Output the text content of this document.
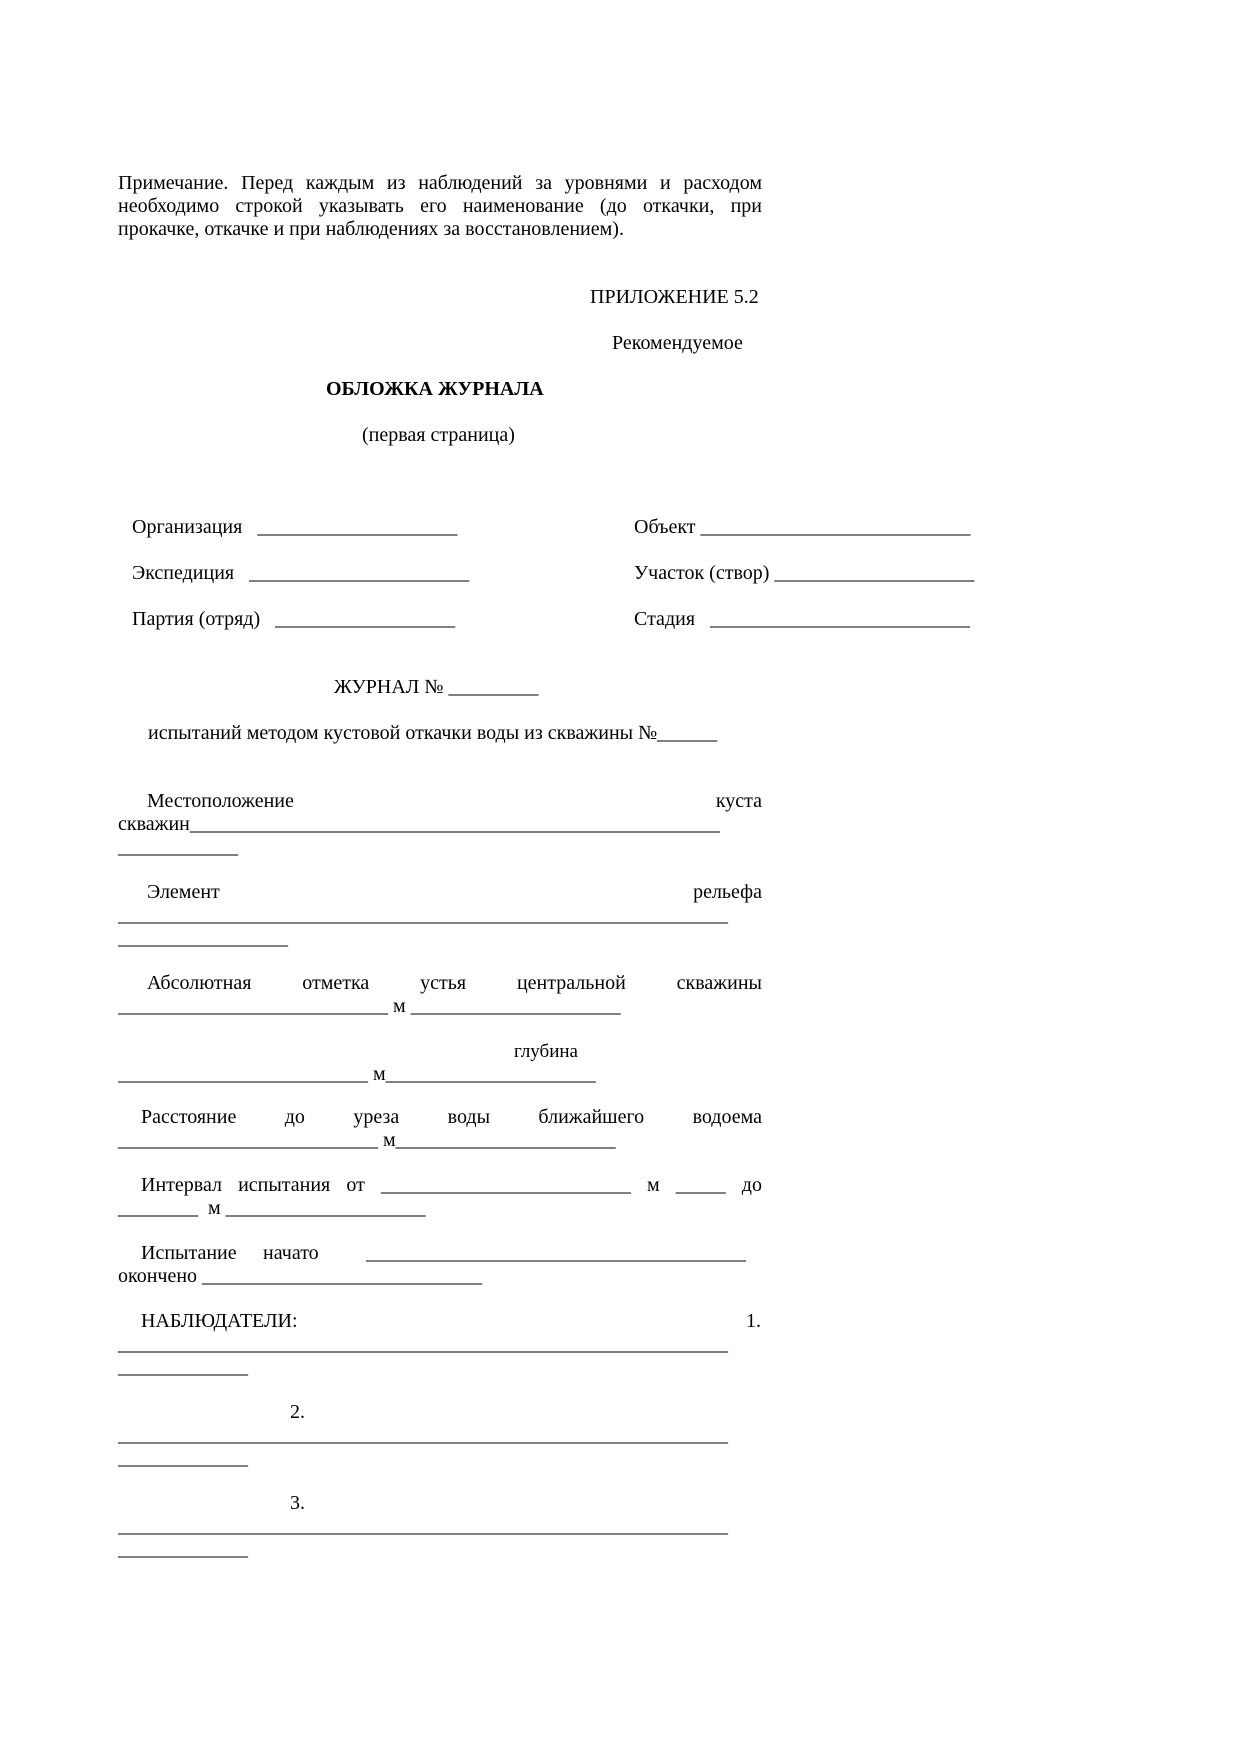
Примечание. Перед каждым из наблюдений за уровнями и расходом
необходимо строкой указывать его наименование (до откачки, при
прокачке, откачке и при наблюдениях за восстановлением).
ПРИЛОЖЕНИЕ 5.2
Рекомендуемое
ОБЛОЖКА ЖУРНАЛА
(первая страница)
Организация   ____________________
Экспедиция   ______________________
Партия (отряд)   __________________
Объект ___________________________
Участок (створ) ____________________
Стадия   __________________________
ЖУРНАЛ № _________
испытаний методом кустовой откачки воды из скважины №______
Местоположение	куста
скважин_____________________________________________________
____________
Элемент	рельефа
_____________________________________________________________
_________________
Абсолютная	отметка	устья	центральной	скважины
___________________________ м _____________________
глубина
_________________________ м_____________________
Расстояние до уреза воды ближайшего водоема
__________________________ м______________________
Интервал испытания от _________________________ м _____ до
________  м ____________________
Испытание начато ______________________________________
окончено ____________________________
НАБЛЮДАТЕЛИ:	1.
_____________________________________________________________
_____________
2.
_____________________________________________________________
_____________
3.
_____________________________________________________________
_____________
